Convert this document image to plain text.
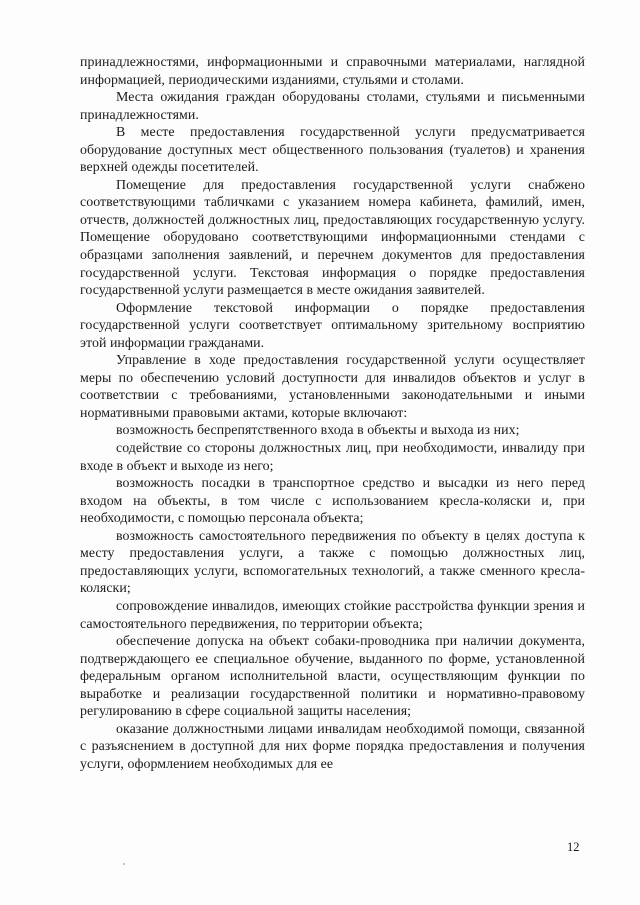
принадлежностями, информационными и справочными материалами, наглядной информацией, периодическими изданиями, стульями и столами.

Места ожидания граждан оборудованы столами, стульями и письменными принадлежностями.

В месте предоставления государственной услуги предусматривается оборудование доступных мест общественного пользования (туалетов) и хранения верхней одежды посетителей.

Помещение для предоставления государственной услуги снабжено соответствующими табличками с указанием номера кабинета, фамилий, имен, отчеств, должностей должностных лиц, предоставляющих государственную услугу. Помещение оборудовано соответствующими информационными стендами с образцами заполнения заявлений, и перечнем документов для предоставления государственной услуги. Текстовая информация о порядке предоставления государственной услуги размещается в месте ожидания заявителей.

Оформление текстовой информации о порядке предоставления государственной услуги соответствует оптимальному зрительному восприятию этой информации гражданами.

Управление в ходе предоставления государственной услуги осуществляет меры по обеспечению условий доступности для инвалидов объектов и услуг в соответствии с требованиями, установленными законодательными и иными нормативными правовыми актами, которые включают:

возможность беспрепятственного входа в объекты и выхода из них;

содействие со стороны должностных лиц, при необходимости, инвалиду при входе в объект и выходе из него;

возможность посадки в транспортное средство и высадки из него перед входом на объекты, в том числе с использованием кресла-коляски и, при необходимости, с помощью персонала объекта;

возможность самостоятельного передвижения по объекту в целях доступа к месту предоставления услуги, а также с помощью должностных лиц, предоставляющих услуги, вспомогательных технологий, а также сменного кресла-коляски;

сопровождение инвалидов, имеющих стойкие расстройства функции зрения и самостоятельного передвижения, по территории объекта;

обеспечение допуска на объект собаки-проводника при наличии документа, подтверждающего ее специальное обучение, выданного по форме, установленной федеральным органом исполнительной власти, осуществляющим функции по выработке и реализации государственной политики и нормативно-правовому регулированию в сфере социальной защиты населения;

оказание должностными лицами инвалидам необходимой помощи, связанной с разъяснением в доступной для них форме порядка предоставления и получения услуги, оформлением необходимых для ее

12
